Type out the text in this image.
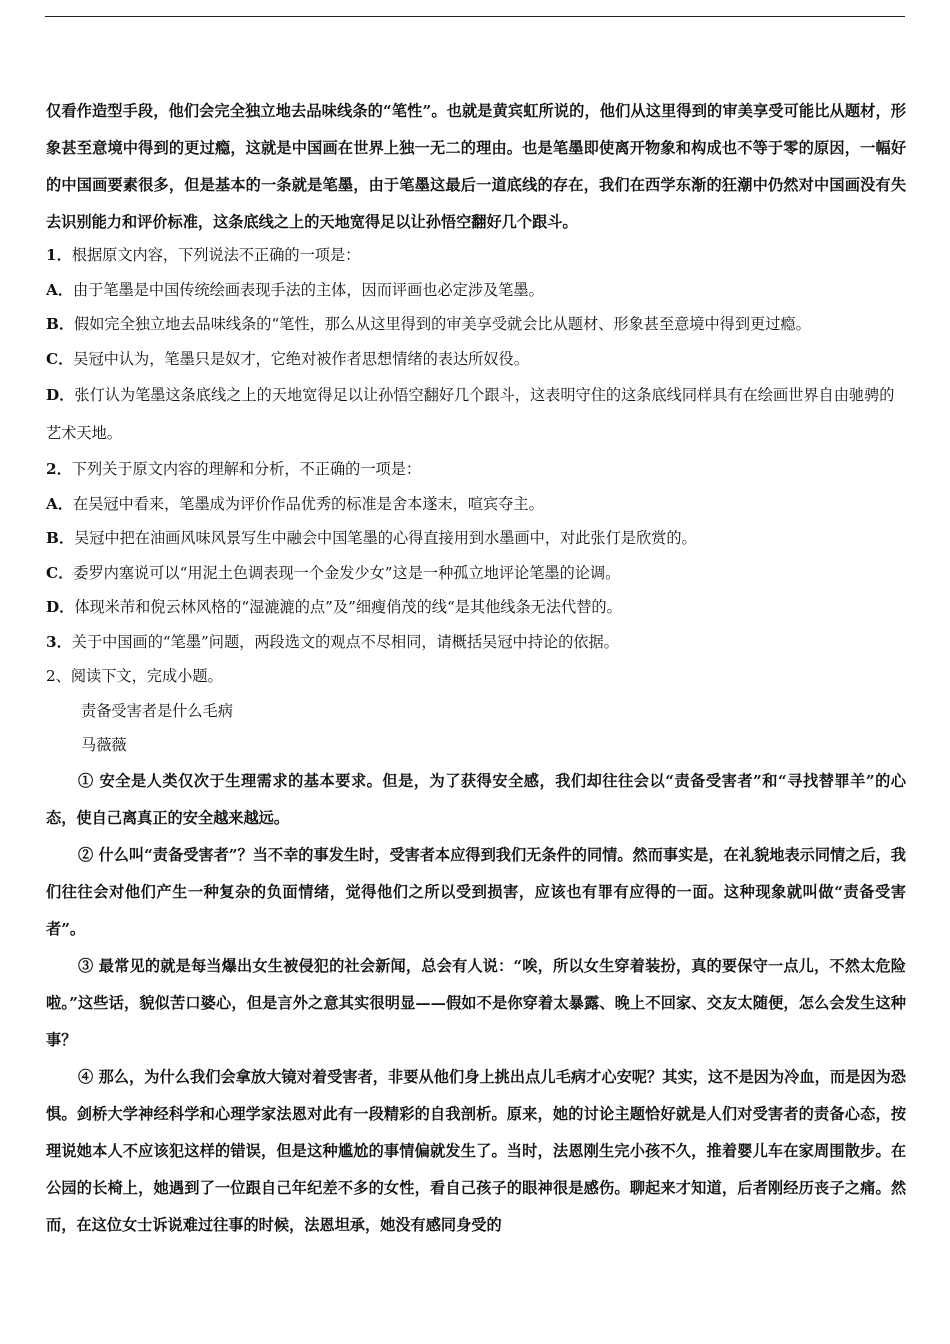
仅看作造型手段，他们会完全独立地去品味线条的“笔性”。也就是黄宾虹所说的，他们从这里得到的审美享受可能比从题材，形象甚至意境中得到的更过瘾，这就是中国画在世界上独一无二的理由。也是笔墨即使离开物象和构成也不等于零的原因，一幅好的中国画要素很多，但是基本的一条就是笔墨，由于笔墨这最后一道底线的存在，我们在西学东渐的狂潮中仍然对中国画没有失去识别能力和评价标准，这条底线之上的天地宽得足以让孙悟空翻好几个跟斗。
1．根据原文内容，下列说法不正确的一项是：
A．由于笔墨是中国传统绘画表现手法的主体，因而评画也必定涉及笔墨。
B．假如完全独立地去品味线条的“笔性，那么从这里得到的审美享受就会比从题材、形象甚至意境中得到更过瘾。
C．吴冠中认为，笔墨只是奴才，它绝对被作者思想情绪的表达所奴役。
D．张仃认为笔墨这条底线之上的天地宽得足以让孙悟空翻好几个跟斗，这表明守住的这条底线同样具有在绘画世界自由驰骋的艺术天地。
2．下列关于原文内容的理解和分析，不正确的一项是：
A．在吴冠中看来，笔墨成为评价作品优秀的标准是舍本遂末，喧宾夺主。
B．吴冠中把在油画风味风景写生中融会中国笔墨的心得直接用到水墨画中，对此张仃是欣赏的。
C．委罗内塞说可以“用泥土色调表现一个金发少女”这是一种孤立地评论笔墨的论调。
D．体现米芾和倪云林风格的“湿漉漉的点”及”细瘦俏茂的线“是其他线条无法代替的。
3．关于中国画的“笔墨”问题，两段选文的观点不尽相同，请概括吴冠中持论的依据。
2、阅读下文，完成小题。
责备受害者是什么毛病
马薇薇
① 安全是人类仅次于生理需求的基本要求。但是，为了获得安全感，我们却往往会以“责备受害者”和“寻找替罪羊”的心态，使自己离真正的安全越来越远。
② 什么叫“责备受害者”？当不幸的事发生时，受害者本应得到我们无条件的同情。然而事实是，在礼貌地表示同情之后，我们往往会对他们产生一种复杂的负面情绪，觉得他们之所以受到损害，应该也有罪有应得的一面。这种现象就叫做“责备受害者”。
③ 最常见的就是每当爆出女生被侵犯的社会新闻，总会有人说：“唉，所以女生穿着装扮，真的要保守一点儿，不然太危险啦。”这些话，貌似苦口婆心，但是言外之意其实很明显——假如不是你穿着太暴露、晚上不回家、交友太随便，怎么会发生这种事？
④ 那么，为什么我们会拿放大镜对着受害者，非要从他们身上挑出点儿毛病才心安呢？其实，这不是因为冷血，而是因为恐惧。剑桥大学神经科学和心理学家法恩对此有一段精彩的自我剖析。原来，她的讨论主题恰好就是人们对受害者的责备心态，按理说她本人不应该犯这样的错误，但是这种尴尬的事情偏就发生了。当时，法恩刚生完小孩不久，推着婴儿车在家周围散步。在公园的长椅上，她遇到了一位跟自己年纪差不多的女性，看自己孩子的眼神很是感伤。聊起来才知道，后者刚经历丧子之痛。然而，在这位女士诉说难过往事的时候，法恩坦承，她没有感同身受的
